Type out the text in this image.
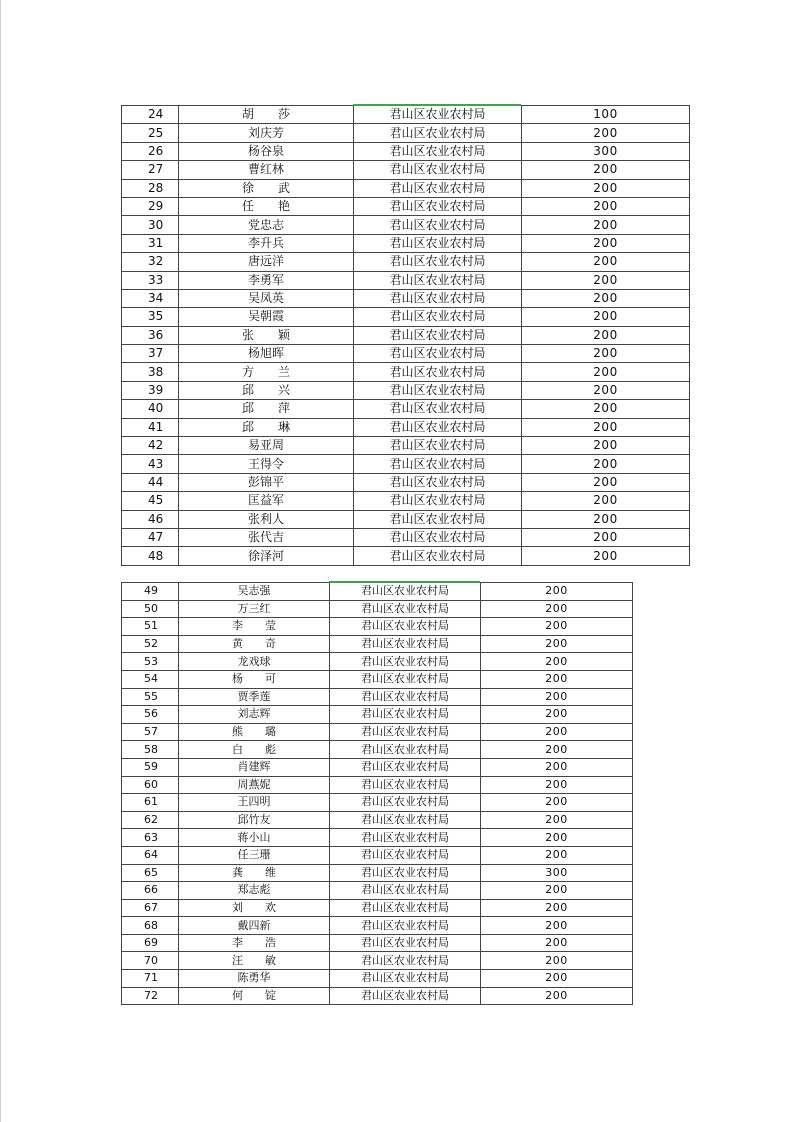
24	胡　　莎	君山区农业农村局	100
25	刘庆芳	君山区农业农村局	200
26	杨谷泉	君山区农业农村局	300
27	曹红林	君山区农业农村局	200
28	徐　　武	君山区农业农村局	200
29	任　　艳	君山区农业农村局	200
30	党忠志	君山区农业农村局	200
31	李升兵	君山区农业农村局	200
32	唐远洋	君山区农业农村局	200
33	李勇军	君山区农业农村局	200
34	吴凤英	君山区农业农村局	200
35	吴朝霞	君山区农业农村局	200
36	张　　颖	君山区农业农村局	200
37	杨旭晖	君山区农业农村局	200
38	方　　兰	君山区农业农村局	200
39	邱　　兴	君山区农业农村局	200
40	邱　　萍	君山区农业农村局	200
41	邱　　琳	君山区农业农村局	200
42	易亚周	君山区农业农村局	200
43	王得令	君山区农业农村局	200
44	彭锦平	君山区农业农村局	200
45	匡益军	君山区农业农村局	200
46	张利人	君山区农业农村局	200
47	张代吉	君山区农业农村局	200
48	徐泽河	君山区农业农村局	200
49	吴志强	君山区农业农村局	200
50	万三红	君山区农业农村局	200
51	李　　莹	君山区农业农村局	200
52	黄　　奇	君山区农业农村局	200
53	龙戏球	君山区农业农村局	200
54	杨　　可	君山区农业农村局	200
55	贾季莲	君山区农业农村局	200
56	刘志辉	君山区农业农村局	200
57	熊　　璐	君山区农业农村局	200
58	白　　彪	君山区农业农村局	200
59	肖建辉	君山区农业农村局	200
60	周燕妮	君山区农业农村局	200
61	王四明	君山区农业农村局	200
62	邱竹友	君山区农业农村局	200
63	蒋小山	君山区农业农村局	200
64	任三珊	君山区农业农村局	200
65	龚　　维	君山区农业农村局	300
66	郑志彪	君山区农业农村局	200
67	刘　　欢	君山区农业农村局	200
68	戴四新	君山区农业农村局	200
69	李　　浩	君山区农业农村局	200
70	汪　　敏	君山区农业农村局	200
71	陈勇华	君山区农业农村局	200
72	何　　锭	君山区农业农村局	200
